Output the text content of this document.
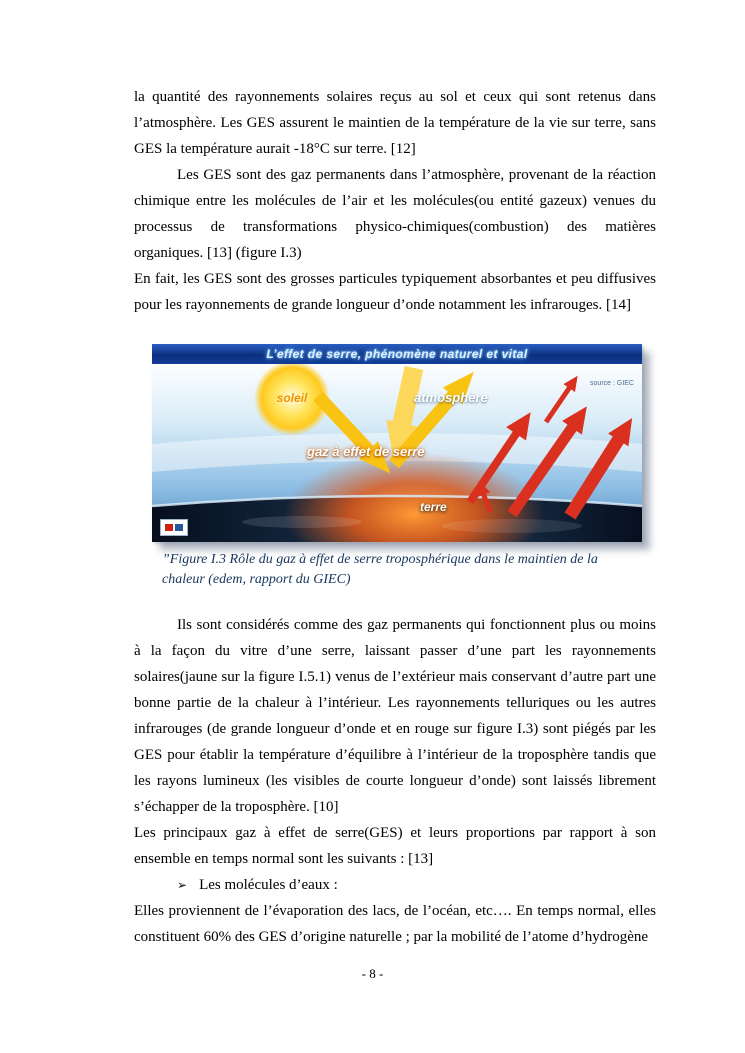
la quantité des rayonnements solaires reçus au sol et ceux qui sont retenus dans l’atmosphère. Les GES assurent le maintien de la température de la vie sur terre, sans GES la température aurait -18°C sur terre. [12]

Les GES sont des gaz permanents dans l’atmosphère, provenant de la réaction chimique entre les molécules de l’air et les molécules(ou entité gazeux) venues du processus de transformations physico-chimiques(combustion) des matières organiques. [13] (figure I.3)

En fait, les GES sont des grosses particules typiquement absorbantes et peu diffusives pour les rayonnements de grande longueur d’onde notamment les infrarouges. [14]

L’effet de serre, phénomène naturel et vital
soleil	atmosphère
gaz à effet de serre
terre
source : GIEC
”Figure I.3 Rôle du gaz à effet de serre troposphérique dans le maintien de la chaleur (edem, rapport du GIEC)

Ils sont considérés comme des gaz permanents qui fonctionnent plus ou moins à la façon du vitre d’une serre, laissant passer d’une part les rayonnements solaires(jaune sur la figure I.5.1) venus de l’extérieur mais conservant d’autre part une bonne partie de la chaleur à l’intérieur. Les rayonnements telluriques ou les autres infrarouges (de grande longueur d’onde et en rouge sur figure I.3) sont piégés par les GES pour établir la température d’équilibre à l’intérieur de la troposphère tandis que les rayons lumineux (les visibles de courte longueur d’onde) sont laissés librement s’échapper de la troposphère. [10]

Les principaux gaz à effet de serre(GES) et leurs proportions par rapport à son ensemble en temps normal sont les suivants : [13]

➢ Les molécules d’eaux :

Elles proviennent de l’évaporation des lacs, de l’océan, etc…. En temps normal, elles constituent 60% des GES d’origine naturelle ; par la mobilité de l’atome d’hydrogène

- 8 -
